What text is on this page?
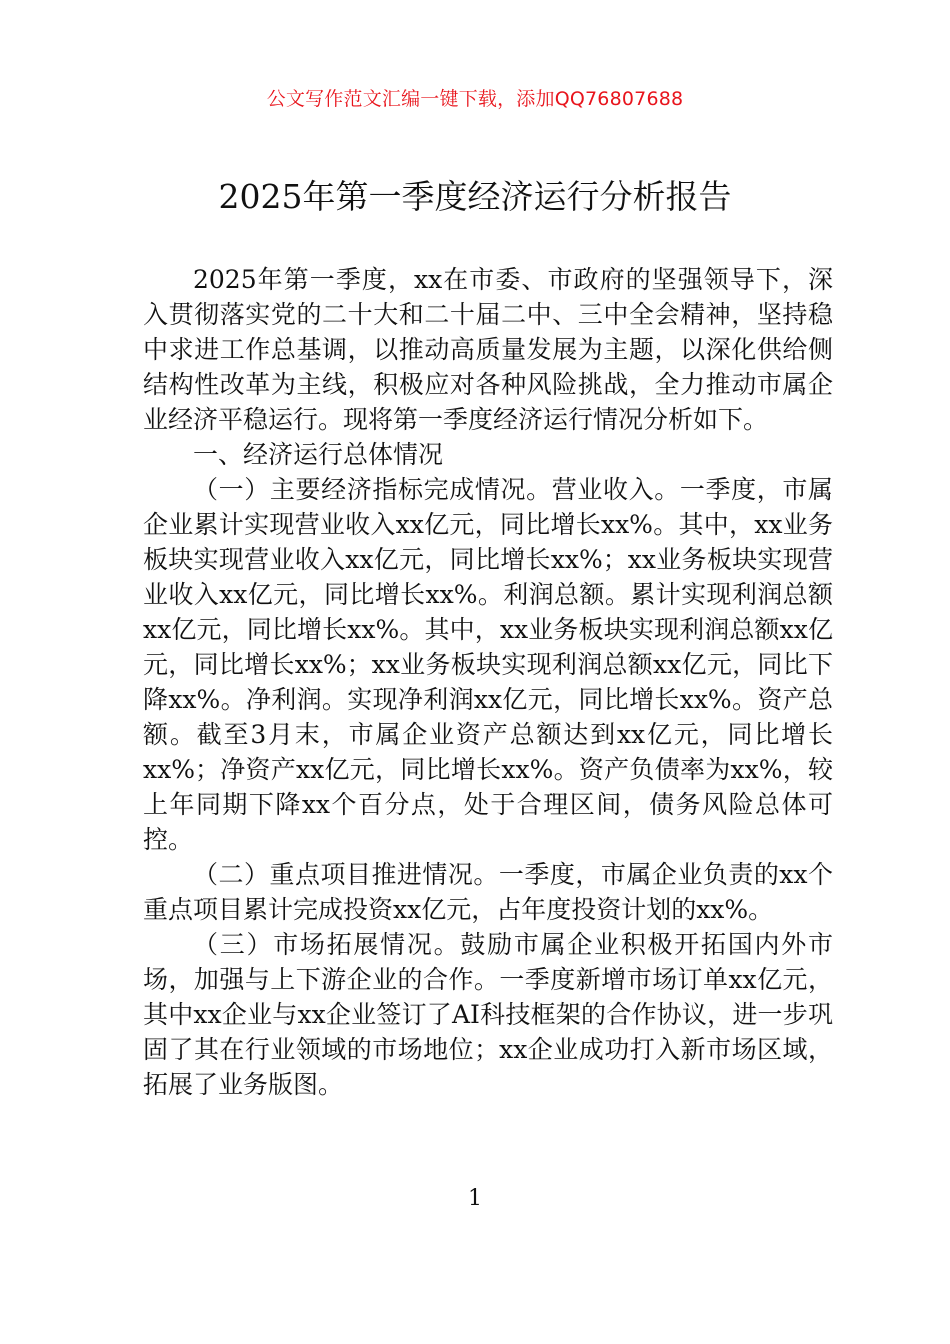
公文写作范文汇编一键下载，添加QQ76807688
2025年第一季度经济运行分析报告

2025年第一季度，xx在市委、市政府的坚强领导下，深入贯彻落实党的二十大和二十届二中、三中全会精神，坚持稳中求进工作总基调，以推动高质量发展为主题，以深化供给侧结构性改革为主线，积极应对各种风险挑战，全力推动市属企业经济平稳运行。现将第一季度经济运行情况分析如下。

一、经济运行总体情况

（一）主要经济指标完成情况。营业收入。一季度，市属企业累计实现营业收入xx亿元，同比增长xx%。其中，xx业务板块实现营业收入xx亿元，同比增长xx%；xx业务板块实现营业收入xx亿元，同比增长xx%。利润总额。累计实现利润总额xx亿元，同比增长xx%。其中，xx业务板块实现利润总额xx亿元，同比增长xx%；xx业务板块实现利润总额xx亿元，同比下降xx%。净利润。实现净利润xx亿元，同比增长xx%。资产总额。截至3月末，市属企业资产总额达到xx亿元，同比增长xx%；净资产xx亿元，同比增长xx%。资产负债率为xx%，较上年同期下降xx个百分点，处于合理区间，债务风险总体可控。

（二）重点项目推进情况。一季度，市属企业负责的xx个重点项目累计完成投资xx亿元，占年度投资计划的xx%。

（三）市场拓展情况。鼓励市属企业积极开拓国内外市场，加强与上下游企业的合作。一季度新增市场订单xx亿元，其中xx企业与xx企业签订了AI科技框架的合作协议，进一步巩固了其在行业领域的市场地位；xx企业成功打入新市场区域，拓展了业务版图。

1
